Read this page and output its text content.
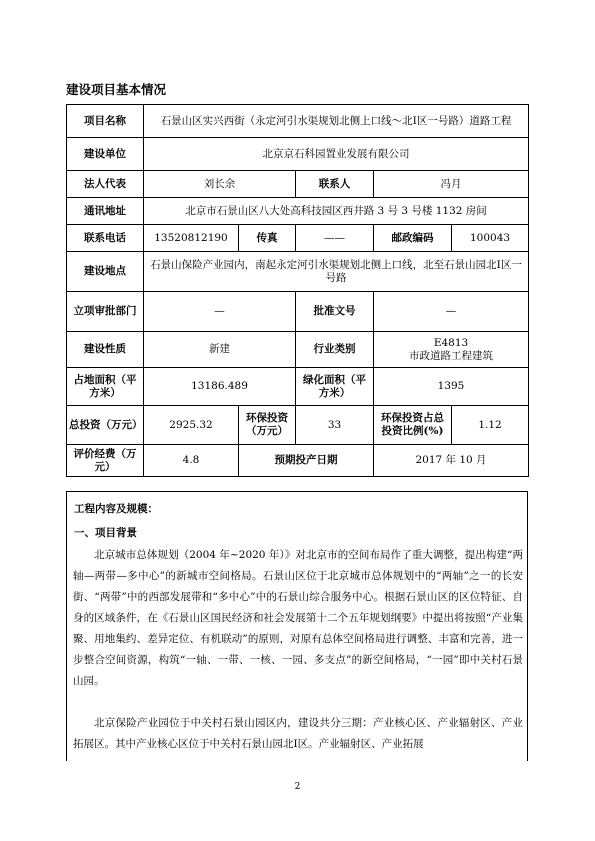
建设项目基本情况
项目名称	石景山区实兴西街（永定河引水渠规划北侧上口线～北Ⅰ区一号路）道路工程				
建设单位	北京京石科园置业发展有限公司				
法人代表	刘长余		联系人	冯月	
通讯地址	北京市石景山区八大处高科技园区西井路 3 号 3 号楼 1132 房间				
联系电话	13520812190	传真	——	邮政编码	100043
建设地点	石景山保险产业园内，南起永定河引水渠规划北侧上口线，北至石景山园北Ⅰ区一号路				
立项审批部门	—		批准文号	—	
建设性质	新建		行业类别	E4813
市政道路工程建筑	

占地面积（平方米）	13186.489		绿化面积（平方米）	1395	
总投资（万元）	2925.32	环保投资（万元）	33	环保投资占总投资比例(%)	1.12
评价经费（万元）	4.8	预期投产日期		2017 年 10 月	
工程内容及规模：
一、项目背景

北京城市总体规划（2004 年~2020 年）》对北京市的空间布局作了重大调整，提出构建“两轴—两带—多中心”的新城市空间格局。石景山区位于北京城市总体规划中的“两轴”之一的长安街、“两带”中的西部发展带和“多中心”中的石景山综合服务中心。根据石景山区的区位特征、自身的区域条件，在《石景山区国民经济和社会发展第十二个五年规划纲要》中提出将按照“产业集聚、用地集约、差异定位、有机联动”的原则，对原有总体空间格局进行调整、丰富和完善，进一步整合空间资源，构筑“一轴、一带、一核、一园、多支点”的新空间格局，“一园”即中关村石景山园。

北京保险产业园位于中关村石景山园区内，建设共分三期：产业核心区、产业辐射区、产业拓展区。其中产业核心区位于中关村石景山园北Ⅰ区。产业辐射区、产业拓展

2
